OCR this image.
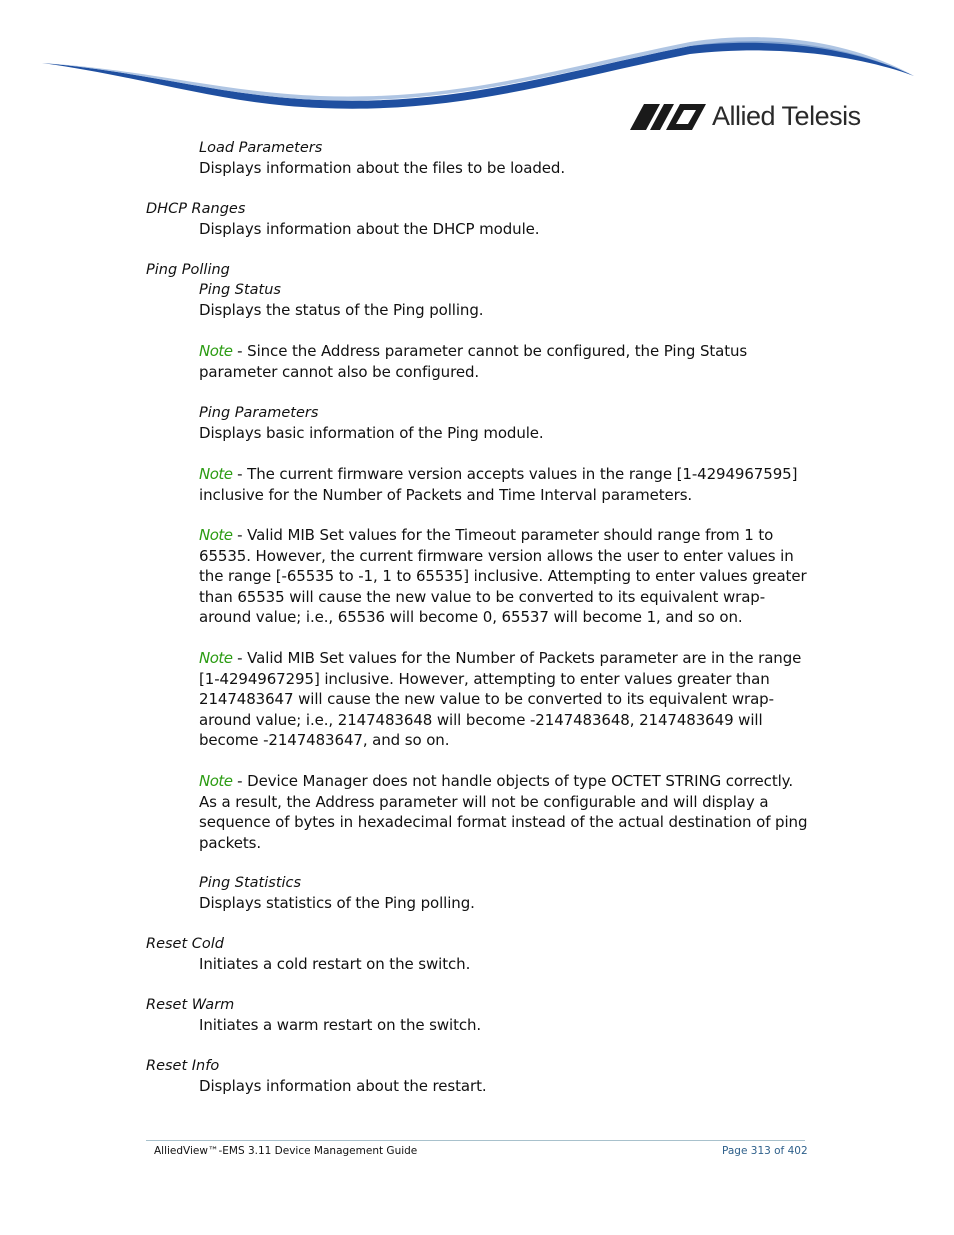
Allied Telesis
Load Parameters
Displays information about the files to be loaded.
DHCP Ranges
Displays information about the DHCP module.
Ping Polling
Ping Status
Displays the status of the Ping polling.
Note - Since the Address parameter cannot be configured, the Ping Status parameter cannot also be configured.
Ping Parameters
Displays basic information of the Ping module.
Note - The current firmware version accepts values in the range [1-4294967595] inclusive for the Number of Packets and Time Interval parameters.
Note - Valid MIB Set values for the Timeout parameter should range from 1 to 65535. However, the current firmware version allows the user to enter values in the range [-65535 to -1, 1 to 65535] inclusive. Attempting to enter values greater than 65535 will cause the new value to be converted to its equivalent wrap-around value; i.e., 65536 will become 0, 65537 will become 1, and so on.
Note - Valid MIB Set values for the Number of Packets parameter are in the range [1-4294967295] inclusive. However, attempting to enter values greater than 2147483647 will cause the new value to be converted to its equivalent wrap-around value; i.e., 2147483648 will become -2147483648, 2147483649 will become -2147483647, and so on.
Note - Device Manager does not handle objects of type OCTET STRING correctly. As a result, the Address parameter will not be configurable and will display a sequence of bytes in hexadecimal format instead of the actual destination of ping packets.
Ping Statistics
Displays statistics of the Ping polling.
Reset Cold
Initiates a cold restart on the switch.
Reset Warm
Initiates a warm restart on the switch.
Reset Info
Displays information about the restart.
AlliedView™-EMS 3.11 Device Management Guide	Page 313 of 402
